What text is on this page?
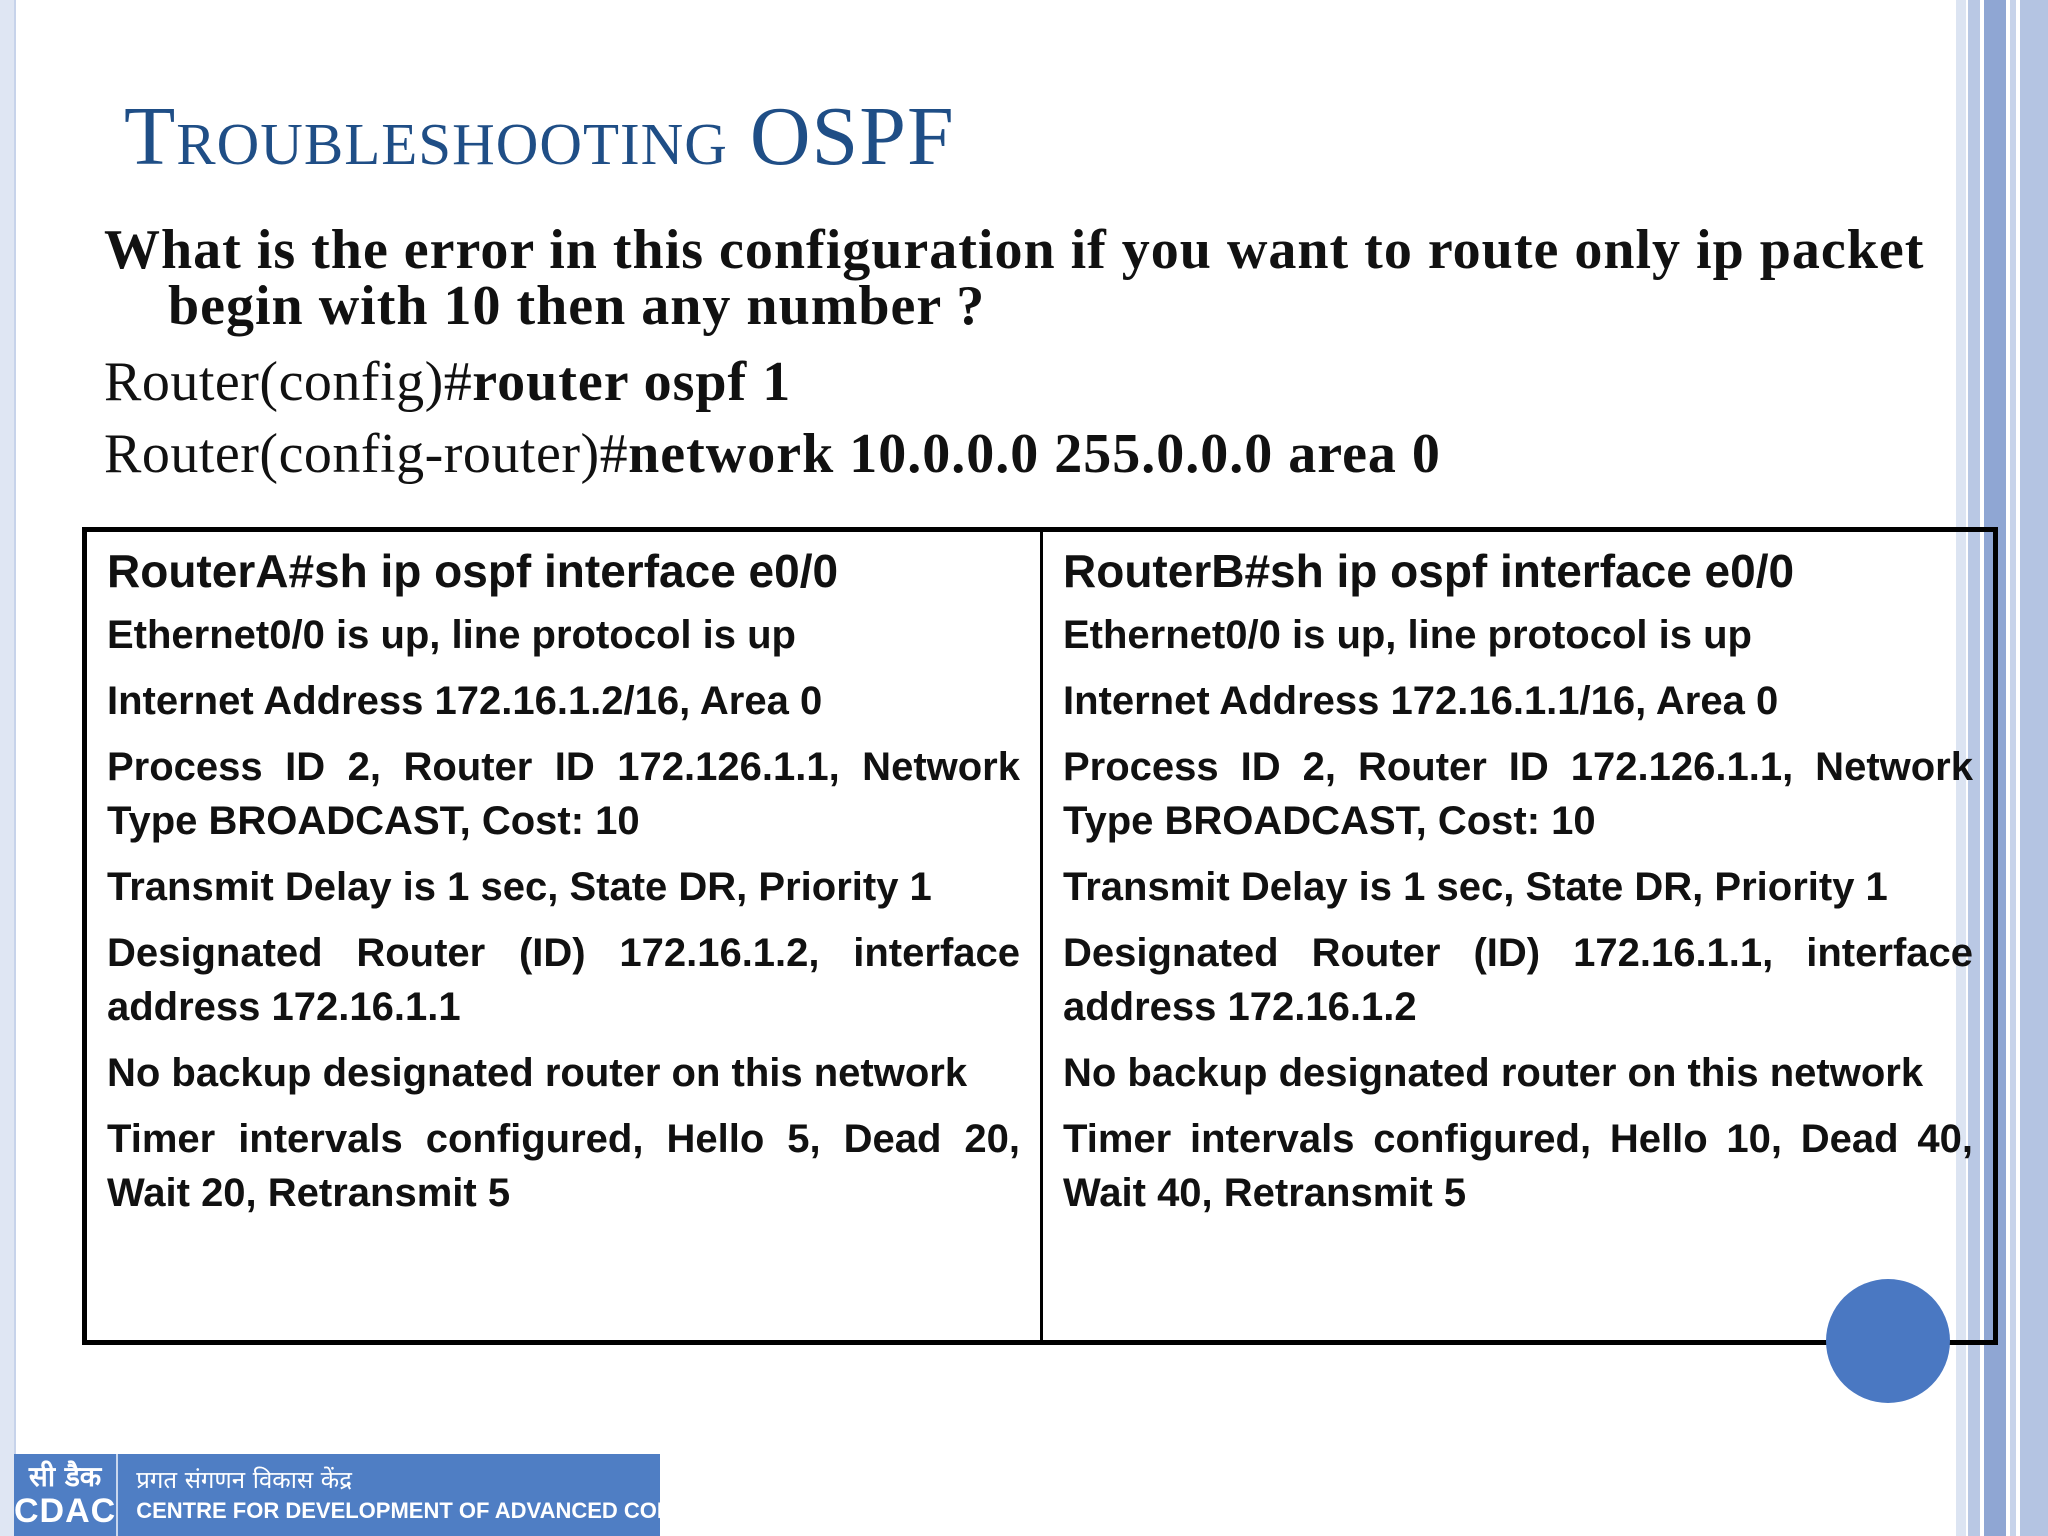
Troubleshooting OSPF

What is the error in this configuration if you want to route only ip packet begin with 10 then any number ?

Router(config)#router ospf 1

Router(config-router)#network 10.0.0.0 255.0.0.0 area 0

RouterA#sh ip ospf interface e0/0
Ethernet0/0 is up, line protocol is up
Internet Address 172.16.1.2/16, Area 0
Process ID 2, Router ID 172.126.1.1, Network Type BROADCAST, Cost: 10
Transmit Delay is 1 sec, State DR, Priority 1
Designated Router (ID) 172.16.1.2, interface address 172.16.1.1
No backup designated router on this network
Timer intervals configured, Hello 5, Dead 20, Wait 20, Retransmit 5
RouterB#sh ip ospf interface e0/0
Ethernet0/0 is up, line protocol is up
Internet Address 172.16.1.1/16, Area 0
Process ID 2, Router ID 172.126.1.1, Network Type BROADCAST, Cost: 10
Transmit Delay is 1 sec, State DR, Priority 1
Designated Router (ID) 172.16.1.1, interface address 172.16.1.2
No backup designated router on this network
Timer intervals configured, Hello 10, Dead 40, Wait 40, Retransmit 5
सी डैक
CDAC
प्रगत संगणन विकास केंद्र
CENTRE FOR DEVELOPMENT OF ADVANCED COMPUTING
